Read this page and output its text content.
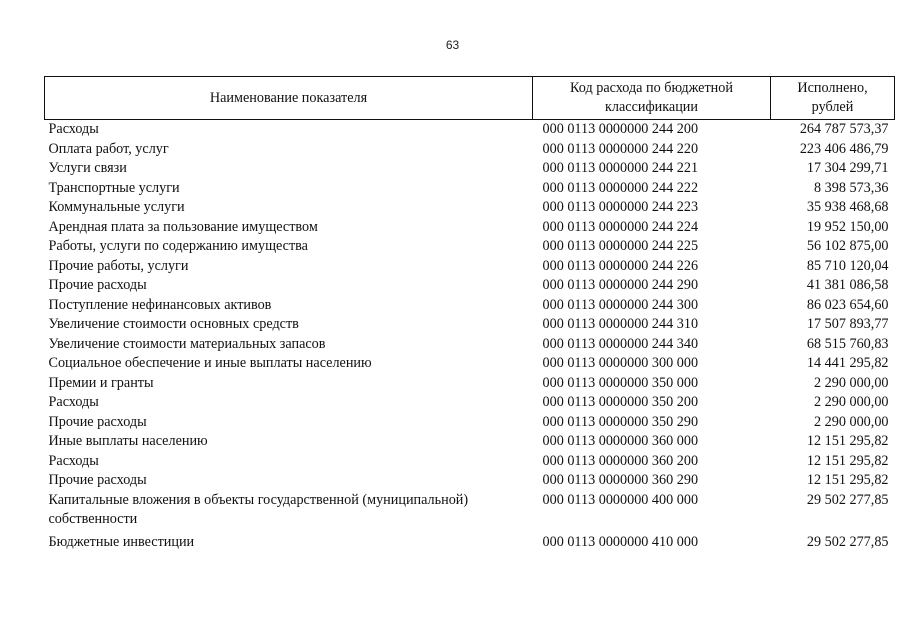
63
Наименование показателя	Код расхода по бюджетной классификации	Исполнено, рублей
Расходы	000 0113 0000000 244 200	264 787 573,37
Оплата работ, услуг	000 0113 0000000 244 220	223 406 486,79
Услуги связи	000 0113 0000000 244 221	17 304 299,71
Транспортные услуги	000 0113 0000000 244 222	8 398 573,36
Коммунальные услуги	000 0113 0000000 244 223	35 938 468,68
Арендная плата за пользование имуществом	000 0113 0000000 244 224	19 952 150,00
Работы, услуги по содержанию имущества	000 0113 0000000 244 225	56 102 875,00
Прочие работы, услуги	000 0113 0000000 244 226	85 710 120,04
Прочие расходы	000 0113 0000000 244 290	41 381 086,58
Поступление нефинансовых активов	000 0113 0000000 244 300	86 023 654,60
Увеличение стоимости основных средств	000 0113 0000000 244 310	17 507 893,77
Увеличение стоимости материальных запасов	000 0113 0000000 244 340	68 515 760,83
Социальное обеспечение и иные выплаты населению	000 0113 0000000 300 000	14 441 295,82
Премии и гранты	000 0113 0000000 350 000	2 290 000,00
Расходы	000 0113 0000000 350 200	2 290 000,00
Прочие расходы	000 0113 0000000 350 290	2 290 000,00
Иные выплаты населению	000 0113 0000000 360 000	12 151 295,82
Расходы	000 0113 0000000 360 200	12 151 295,82
Прочие расходы	000 0113 0000000 360 290	12 151 295,82
Капитальные вложения в объекты государственной (муниципальной) собственности	000 0113 0000000 400 000	29 502 277,85
Бюджетные инвестиции	000 0113 0000000 410 000	29 502 277,85
